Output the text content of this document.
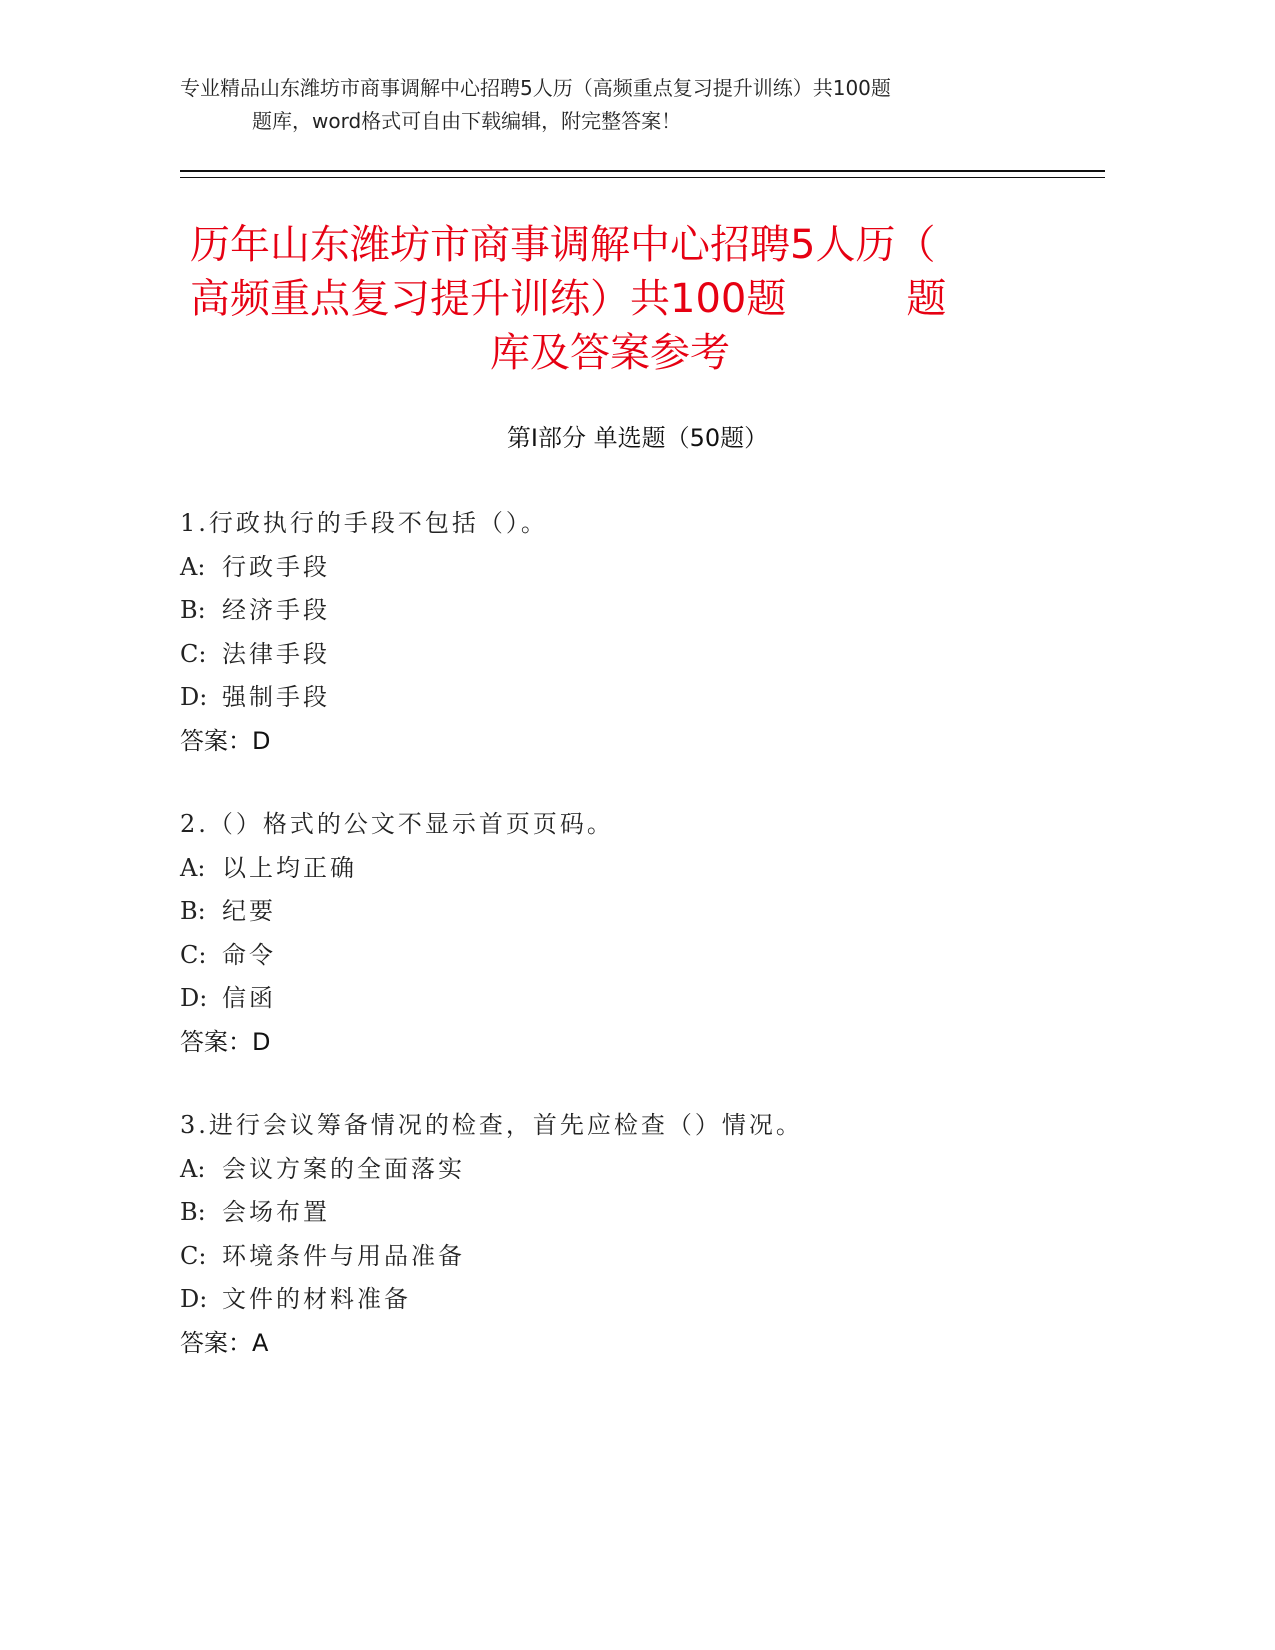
专业精品山东潍坊市商事调解中心招聘5人历（高频重点复习提升训练）共100题
题库，word格式可自由下载编辑，附完整答案！
历年山东潍坊市商事调解中心招聘5人历（
高频重点复习提升训练）共100题　　　题
库及答案参考
第Ⅰ部分 单选题（50题）
1.行政执行的手段不包括（）。
A: 行政手段
B: 经济手段
C: 法律手段
D: 强制手段
答案：D
2.（）格式的公文不显示首页页码。
A: 以上均正确
B: 纪要
C: 命令
D: 信函
答案：D
3.进行会议筹备情况的检查，首先应检查（）情况。
A: 会议方案的全面落实
B: 会场布置
C: 环境条件与用品准备
D: 文件的材料准备
答案：A
